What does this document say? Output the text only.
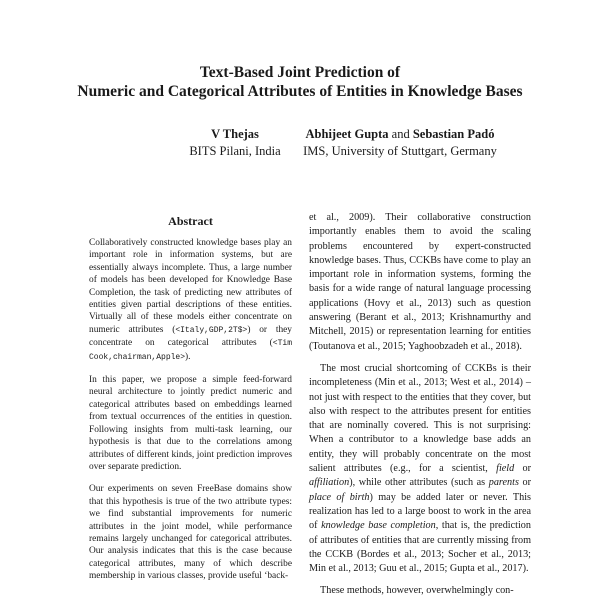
Text-Based Joint Prediction of
Numeric and Categorical Attributes of Entities in Knowledge Bases
V Thejas
BITS Pilani, India
Abhijeet Gupta and Sebastian Padó
IMS, University of Stuttgart, Germany
Abstract

Collaboratively constructed knowledge bases play an important role in information systems, but are essentially always incomplete. Thus, a large number of models has been developed for Knowledge Base Completion, the task of predicting new attributes of entities given partial descriptions of these entities. Virtually all of these models either concentrate on numeric attributes (<Italy,GDP,2T$>) or they concentrate on categorical attributes (<Tim Cook,chairman,Apple>).

In this paper, we propose a simple feed-forward neural architecture to jointly predict numeric and categorical attributes based on embeddings learned from textual occurrences of the entities in question. Following insights from multi-task learning, our hypothesis is that due to the correlations among attributes of different kinds, joint prediction improves over separate prediction.

Our experiments on seven FreeBase domains show that this hypothesis is true of the two attribute types: we find substantial improvements for numeric attributes in the joint model, while performance remains largely unchanged for categorical attributes. Our analysis indicates that this is the case because categorical attributes, many of which describe membership in various classes, provide useful ‘back-

et al., 2009). Their collaborative construction importantly enables them to avoid the scaling problems encountered by expert-constructed knowledge bases. Thus, CCKBs have come to play an important role in information systems, forming the basis for a wide range of natural language processing applications (Hovy et al., 2013) such as question answering (Berant et al., 2013; Krishnamurthy and Mitchell, 2015) or representation learning for entities (Toutanova et al., 2015; Yaghoobzadeh et al., 2018).

The most crucial shortcoming of CCKBs is their incompleteness (Min et al., 2013; West et al., 2014) – not just with respect to the entities that they cover, but also with respect to the attributes present for entities that are nominally covered. This is not surprising: When a contributor to a knowledge base adds an entity, they will probably concentrate on the most salient attributes (e.g., for a scientist, field or affiliation), while other attributes (such as parents or place of birth) may be added later or never. This realization has led to a large boost to work in the area of knowledge base completion, that is, the prediction of attributes of entities that are currently missing from the CCKB (Bordes et al., 2013; Socher et al., 2013; Min et al., 2013; Guu et al., 2015; Gupta et al., 2017).

These methods, however, overwhelmingly con-
